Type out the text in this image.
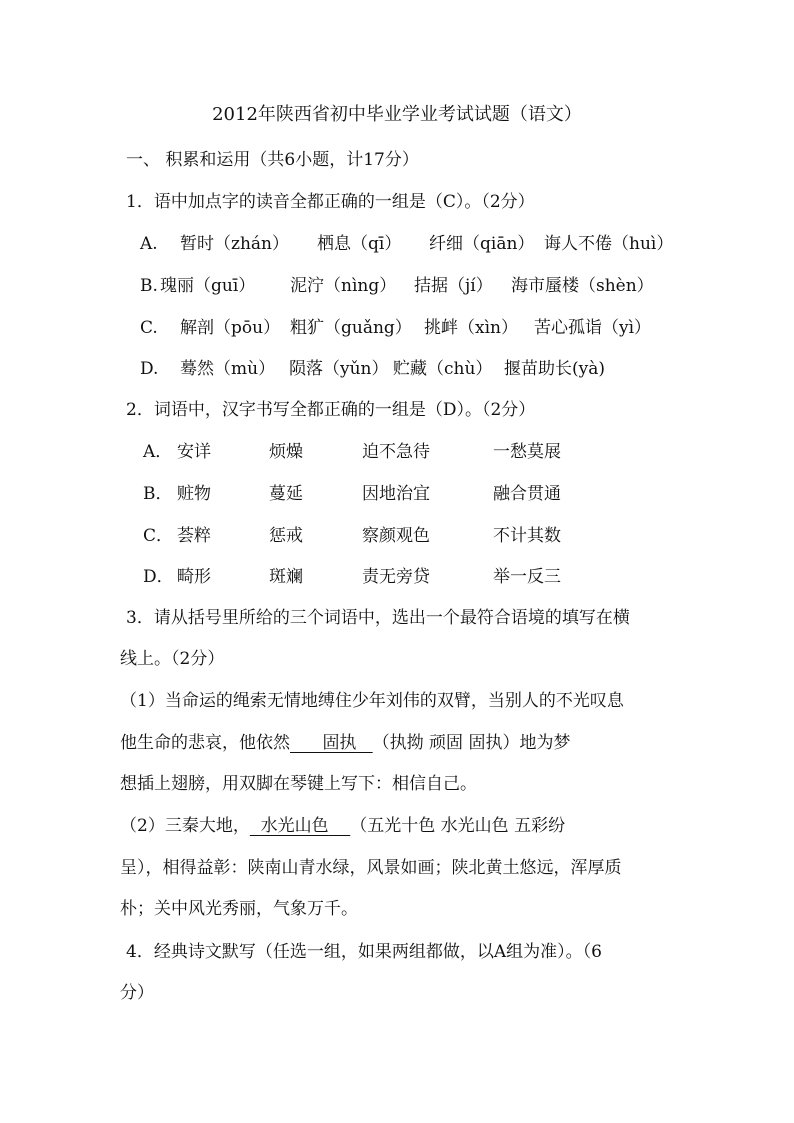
2012年陕西省初中毕业学业考试试题（语文）
一、 积累和运用（共6小题，计17分）
1．语中加点字的读音全都正确的一组是（C）。（2分）
A. 暂时（zhán） 栖息（qī） 纤细（qiān） 诲人不倦（huì）
B. 瑰丽（guī） 泥泞（nìng） 拮据（jí） 海市蜃楼（shèn）
C. 解剖（pōu） 粗犷（guǎng） 挑衅（xìn） 苦心孤诣（yì）
D. 蓦然（mù） 陨落（yǔn） 贮藏（chù） 揠苗助长(yà)
2．词语中，汉字书写全都正确的一组是（D）。（2分）
A． 安详	烦燥	迫不急待	一愁莫展
B． 赃物	蔓延	因地治宜	融合贯通
C． 荟粹	惩戒	察颜观色	不计其数
D． 畸形	斑斓	责无旁贷	举一反三
3．请从括号里所给的三个词语中，选出一个最符合语境的填写在横
线上。（2分）
（1）当命运的绳索无情地缚住少年刘伟的双臂，当别人的不光叹息
他生命的悲哀，他依然 固执 （执拗 顽固 固执）地为梦
想插上翅膀，用双脚在琴键上写下：相信自己。
（2）三秦大地， 水光山色 （五光十色 水光山色 五彩纷
呈），相得益彰：陕南山青水绿，风景如画；陕北黄土悠远，浑厚质
朴；关中风光秀丽，气象万千。
4．经典诗文默写（任选一组，如果两组都做，以A组为准）。（6
分）
